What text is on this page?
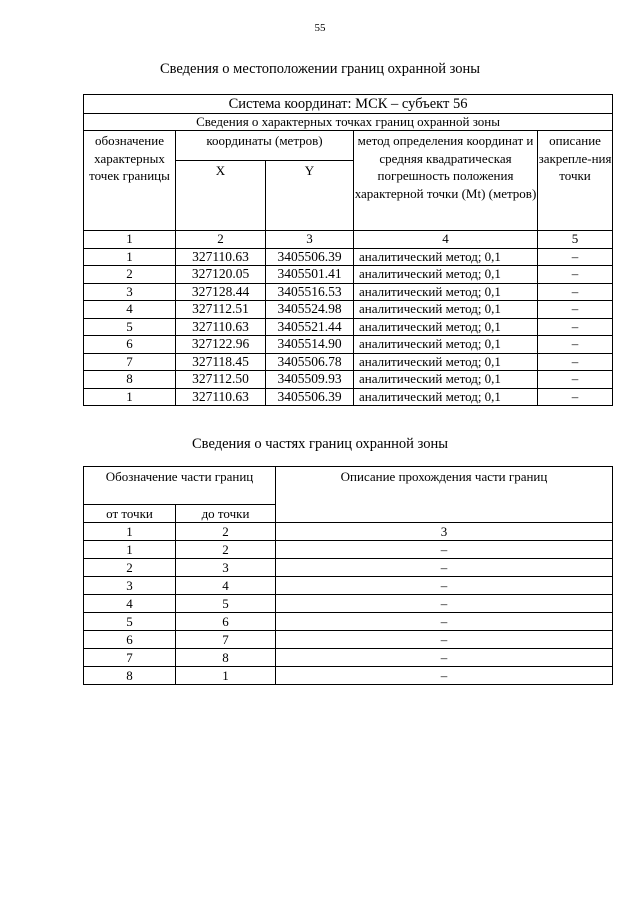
55
Сведения о местоположении границ охранной зоны
Система координат: МСК – субъект 56				
Сведения о характерных точках границ охранной зоны				
обозначение характерных точек границы	координаты (метров)		метод определения координат и средняя квадратическая погрешность положения характерной точки (Mt) (метров)	описание закрепле-ния точки
	X	Y		
1	2	3	4	5
1	327110.63	3405506.39	аналитический метод; 0,1	–
2	327120.05	3405501.41	аналитический метод; 0,1	–
3	327128.44	3405516.53	аналитический метод; 0,1	–
4	327112.51	3405524.98	аналитический метод; 0,1	–
5	327110.63	3405521.44	аналитический метод; 0,1	–
6	327122.96	3405514.90	аналитический метод; 0,1	–
7	327118.45	3405506.78	аналитический метод; 0,1	–
8	327112.50	3405509.93	аналитический метод; 0,1	–
1	327110.63	3405506.39	аналитический метод; 0,1	–
Сведения о частях границ охранной зоны
Обозначение части границ		Описание прохождения части границ
от точки	до точки	
1	2	3
1	2	–
2	3	–
3	4	–
4	5	–
5	6	–
6	7	–
7	8	–
8	1	–
